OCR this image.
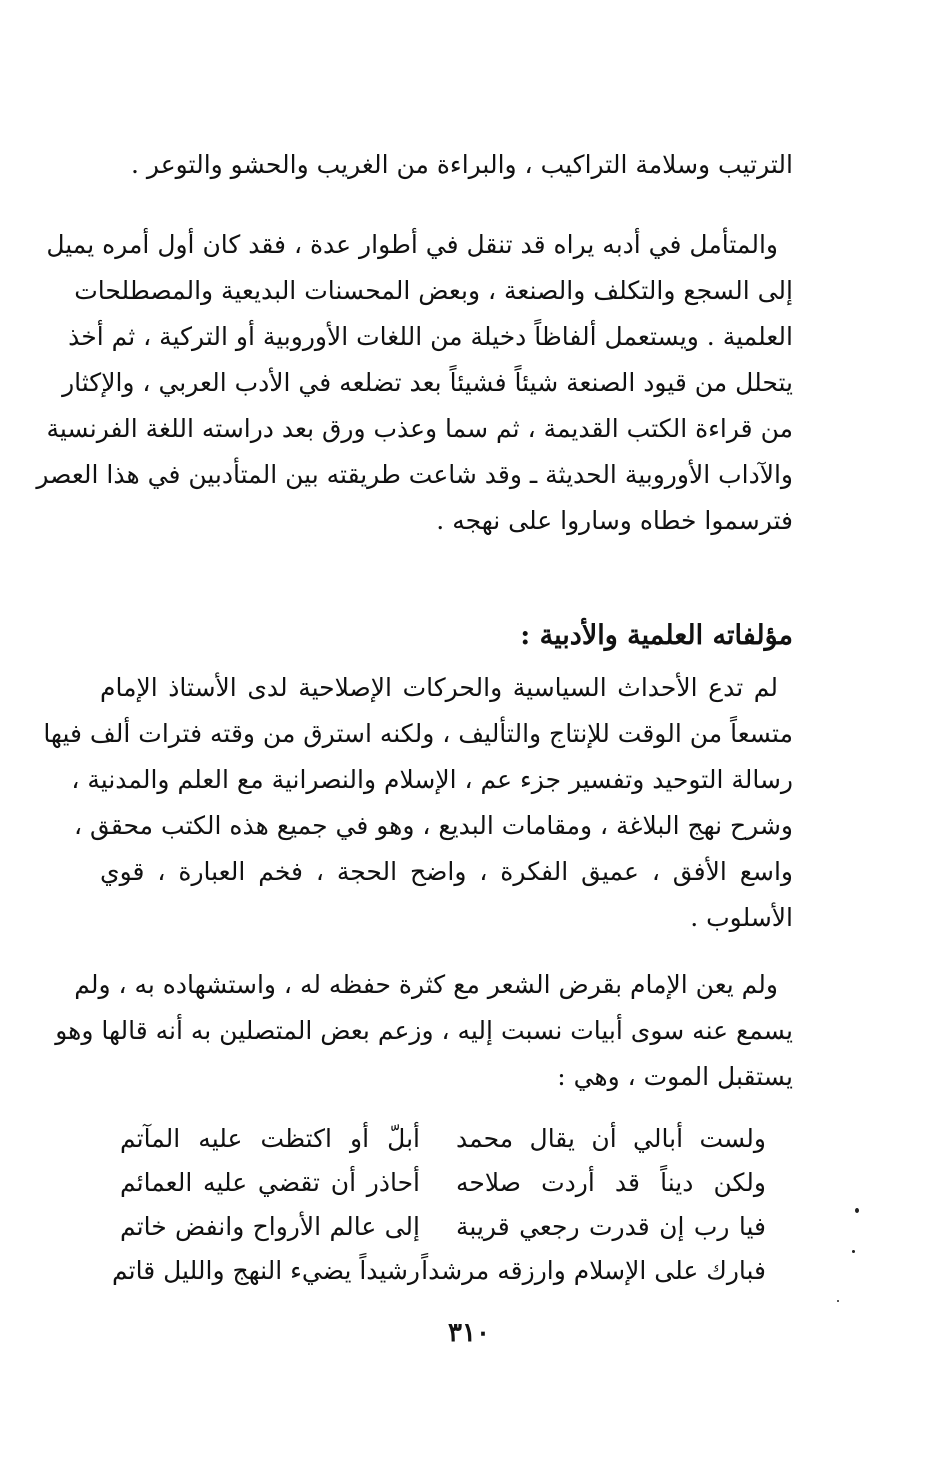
الترتيب وسلامة التراكيب ، والبراءة من الغريب والحشو والتوعر .
والمتأمل في أدبه يراه قد تنقل في أطوار عدة ، فقد كان أول أمره يميل
إلى السجع والتكلف والصنعة ، وبعض المحسنات البديعية والمصطلحات
العلمية . ويستعمل ألفاظاً دخيلة من اللغات الأوروبية أو التركية ، ثم أخذ
يتحلل من قيود الصنعة شيئاً فشيئاً بعد تضلعه في الأدب العربي ، والإكثار
من قراءة الكتب القديمة ، ثم سما وعذب ورق بعد دراسته اللغة الفرنسية
والآداب الأوروبية الحديثة ـ وقد شاعت طريقته بين المتأدبين في هذا العصر
فترسموا خطاه وساروا على نهجه .
مؤلفاته العلمية والأدبية :
لم تدع الأحداث السياسية والحركات الإصلاحية لدى الأستاذ الإمام
متسعاً من الوقت للإنتاج والتأليف ، ولكنه استرق من وقته فترات ألف فيها
رسالة التوحيد وتفسير جزء عم ، الإسلام والنصرانية مع العلم والمدنية ،
وشرح نهج البلاغة ، ومقامات البديع ، وهو في جميع هذه الكتب محقق ،
واسع الأفق ، عميق الفكرة ، واضح الحجة ، فخم العبارة ، قوي
الأسلوب .
ولم يعن الإمام بقرض الشعر مع كثرة حفظه له ، واستشهاده به ، ولم
يسمع عنه سوى أبيات نسبت إليه ، وزعم بعض المتصلين به أنه قالها وهو
يستقبل الموت ، وهي :
ولست أبالي أن يقال محمد
أبلّ أو اكتظت عليه المآتم
ولكن ديناً قد أردت صلاحه
أحاذر أن تقضي عليه العمائم
فيا رب إن قدرت رجعي قريبة
إلى عالم الأرواح وانفض خاتم
فبارك على الإسلام وارزقه مرشداً
رشيداً يضيء النهج والليل قاتم
٣١٠
